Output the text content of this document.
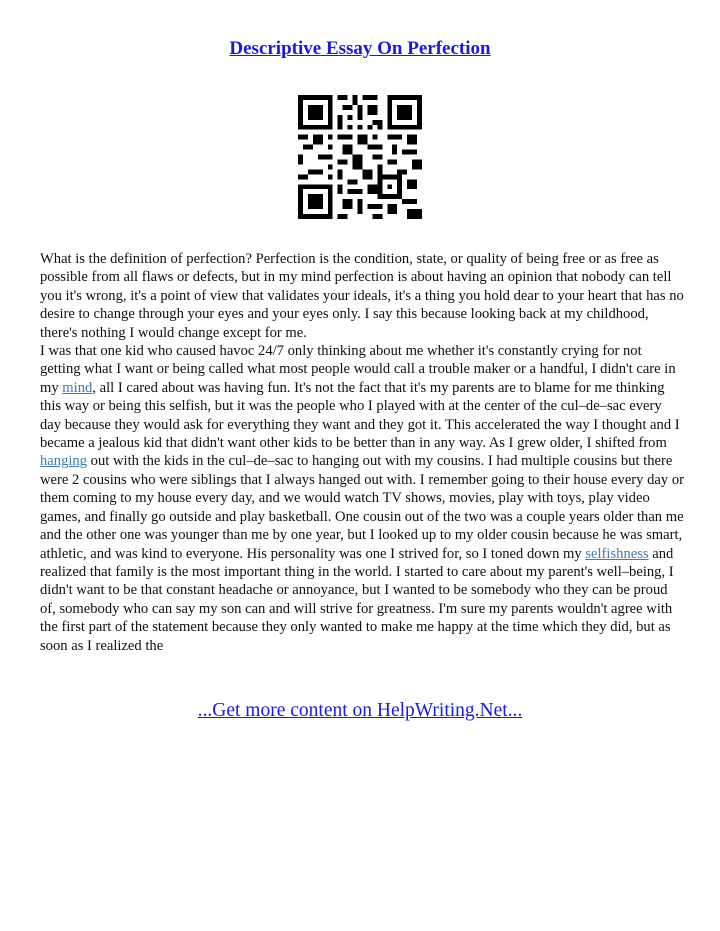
Descriptive Essay On Perfection

What is the definition of perfection? Perfection is the condition, state, or quality of being free or as free as possible from all flaws or defects, but in my mind perfection is about having an opinion that nobody can tell you it's wrong, it's a point of view that validates your ideals, it's a thing you hold dear to your heart that has no desire to change through your eyes and your eyes only. I say this because looking back at my childhood, there's nothing I would change except for me.

I was that one kid who caused havoc 24/7 only thinking about me whether it's constantly crying for not getting what I want or being called what most people would call a trouble maker or a handful, I didn't care in my mind, all I cared about was having fun. It's not the fact that it's my parents are to blame for me thinking this way or being this selfish, but it was the people who I played with at the center of the cul–de–sac every day because they would ask for everything they want and they got it. This accelerated the way I thought and I became a jealous kid that didn't want other kids to be better than in any way. As I grew older, I shifted from hanging out with the kids in the cul–de–sac to hanging out with my cousins. I had multiple cousins but there were 2 cousins who were siblings that I always hanged out with. I remember going to their house every day or them coming to my house every day, and we would watch TV shows, movies, play with toys, play video games, and finally go outside and play basketball. One cousin out of the two was a couple years older than me and the other one was younger than me by one year, but I looked up to my older cousin because he was smart, athletic, and was kind to everyone. His personality was one I strived for, so I toned down my selfishness and realized that family is the most important thing in the world. I started to care about my parent's well–being, I didn't want to be that constant headache or annoyance, but I wanted to be somebody who they can be proud of, somebody who can say my son can and will strive for greatness. I'm sure my parents wouldn't agree with the first part of the statement because they only wanted to make me happy at the time which they did, but as soon as I realized the

...Get more content on HelpWriting.Net...
